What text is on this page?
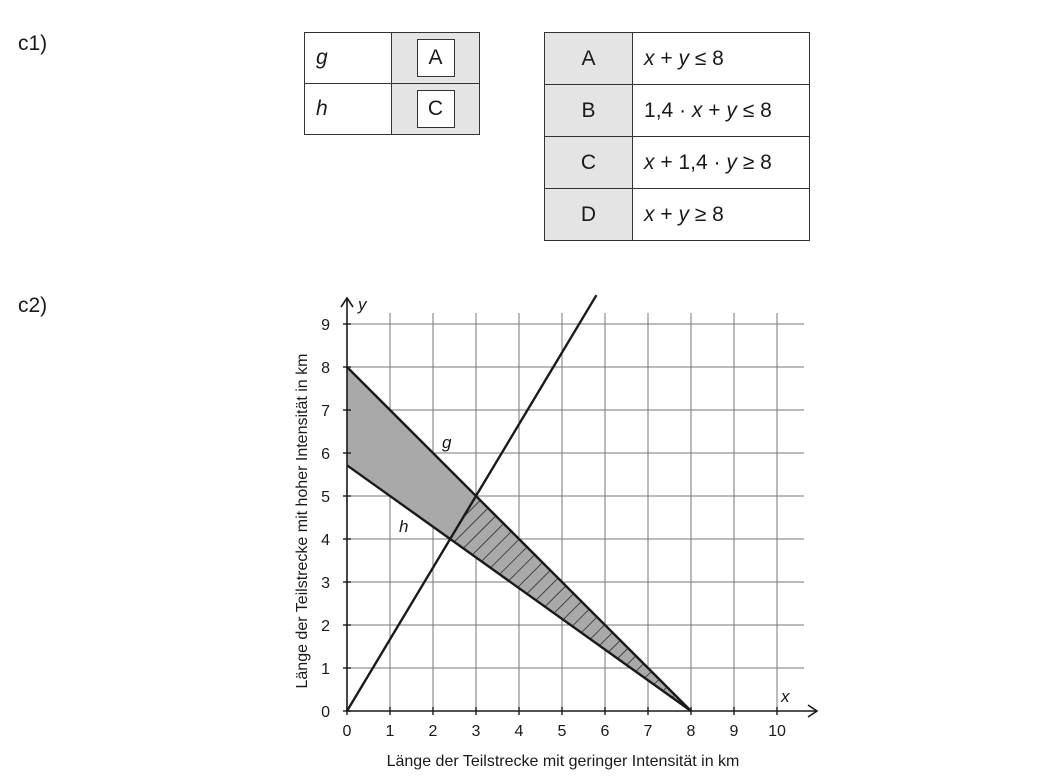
c1)
g	A
h	C
A	x + y ≤ 8
B	1,4 · x + y ≤ 8
C	x + 1,4 · y ≥ 8
D	x + y ≥ 8
c2)
g
h
x
y
0 1 2 3 4 5 6 7 8 9 10
0
1
2
3
4
5
6
7
8
9
Länge der Teilstrecke mit geringer Intensität in km
Länge der Teilstrecke mit hoher Intensität in km
